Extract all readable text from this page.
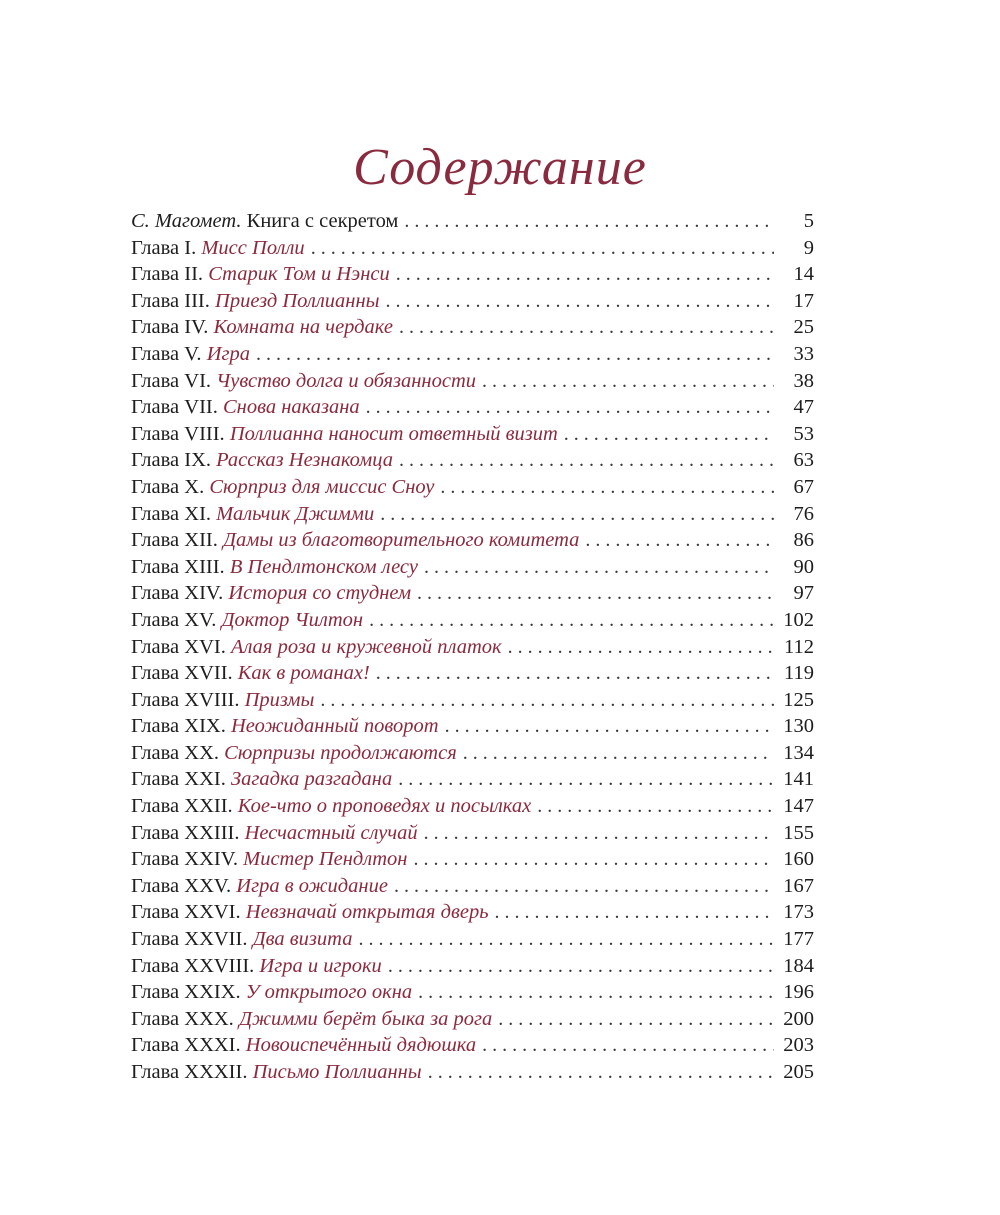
Содержание
С. Магомет. Книга с секретом . . .	5
Глава I. Мисс Полли . . .	9
Глава II. Старик Том и Нэнси . . .	14
Глава III. Приезд Поллианны . . .	17
Глава IV. Комната на чердаке . . .	25
Глава V. Игра . . .	33
Глава VI. Чувство долга и обязанности . . .	38
Глава VII. Снова наказана . . .	47
Глава VIII. Поллианна наносит ответный визит . . .	53
Глава IX. Рассказ Незнакомца . . .	63
Глава X. Сюрприз для миссис Сноу . . .	67
Глава XI. Мальчик Джимми . . .	76
Глава XII. Дамы из благотворительного комитета . . .	86
Глава XIII. В Пендлтонском лесу . . .	90
Глава XIV. История со студнем . . .	97
Глава XV. Доктор Чилтон . . .	102
Глава XVI. Алая роза и кружевной платок . . .	112
Глава XVII. Как в романах! . . .	119
Глава XVIII. Призмы . . .	125
Глава XIX. Неожиданный поворот . . .	130
Глава XX. Сюрпризы продолжаются . . .	134
Глава XXI. Загадка разгадана . . .	141
Глава XXII. Кое-что о проповедях и посылках . . .	147
Глава XXIII. Несчастный случай . . .	155
Глава XXIV. Мистер Пендлтон . . .	160
Глава XXV. Игра в ожидание . . .	167
Глава XXVI. Невзначай открытая дверь . . .	173
Глава XXVII. Два визита . . .	177
Глава XXVIII. Игра и игроки . . .	184
Глава XXIX. У открытого окна . . .	196
Глава XXX. Джимми берёт быка за рога . . .	200
Глава XXXI. Новоиспечённый дядюшка . . .	203
Глава XXXII. Письмо Поллианны . . .	205
